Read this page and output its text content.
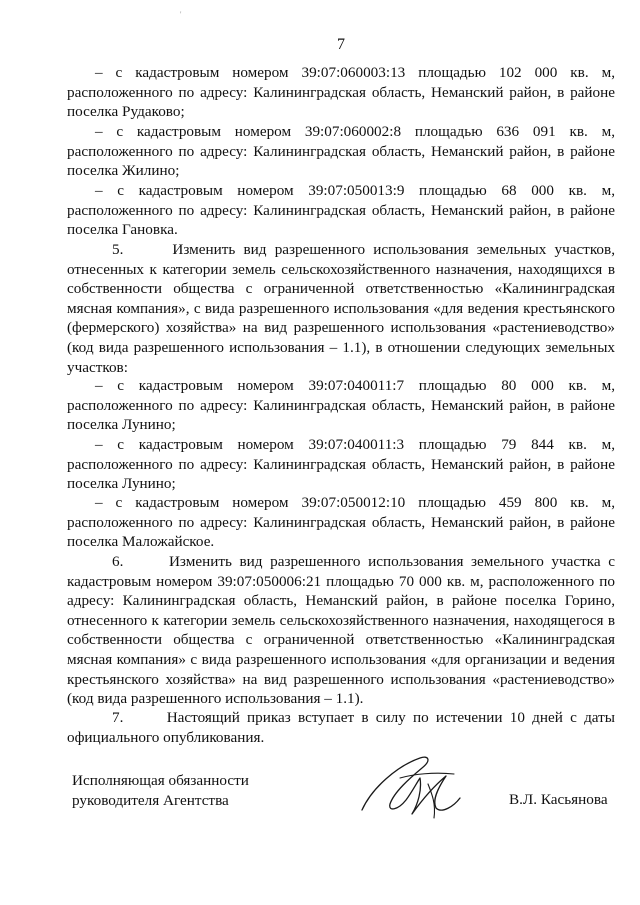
'
7
– с кадастровым номером 39:07:060003:13 площадью 102 000 кв. м, расположенного по адресу: Калининградская область, Неманский район, в районе поселка Рудаково;
– с кадастровым номером 39:07:060002:8 площадью 636 091 кв. м, расположенного по адресу: Калининградская область, Неманский район, в районе поселка Жилино;
– с кадастровым номером 39:07:050013:9 площадью 68 000 кв. м, расположенного по адресу: Калининградская область, Неманский район, в районе поселка Гановка.
5.	Изменить вид разрешенного использования земельных участков, отнесенных к категории земель сельскохозяйственного назначения, находящихся в собственности общества с ограниченной ответственностью «Калининградская мясная компания», с вида разрешенного использования «для ведения крестьянского (фермерского) хозяйства» на вид разрешенного использования «растениеводство» (код вида разрешенного использования – 1.1), в отношении следующих земельных участков:
– с кадастровым номером 39:07:040011:7 площадью 80 000 кв. м, расположенного по адресу: Калининградская область, Неманский район, в районе поселка Лунино;
– с кадастровым номером 39:07:040011:3 площадью 79 844 кв. м, расположенного по адресу: Калининградская область, Неманский район, в районе поселка Лунино;
– с кадастровым номером 39:07:050012:10 площадью 459 800 кв. м, расположенного по адресу: Калининградская область, Неманский район, в районе поселка Маложайское.
6.	Изменить вид разрешенного использования земельного участка с кадастровым номером 39:07:050006:21 площадью 70 000 кв. м, расположенного по адресу: Калининградская область, Неманский район, в районе поселка Горино, отнесенного к категории земель сельскохозяйственного назначения, находящегося в собственности общества с ограниченной ответственностью «Калининградская мясная компания» с вида разрешенного использования «для организации и ведения крестьянского хозяйства» на вид разрешенного использования «растениеводство» (код вида разрешенного использования – 1.1).
7.	Настоящий приказ вступает в силу по истечении 10 дней с даты официального опубликования.
Исполняющая обязанности
руководителя Агентства	В.Л. Касьянова
